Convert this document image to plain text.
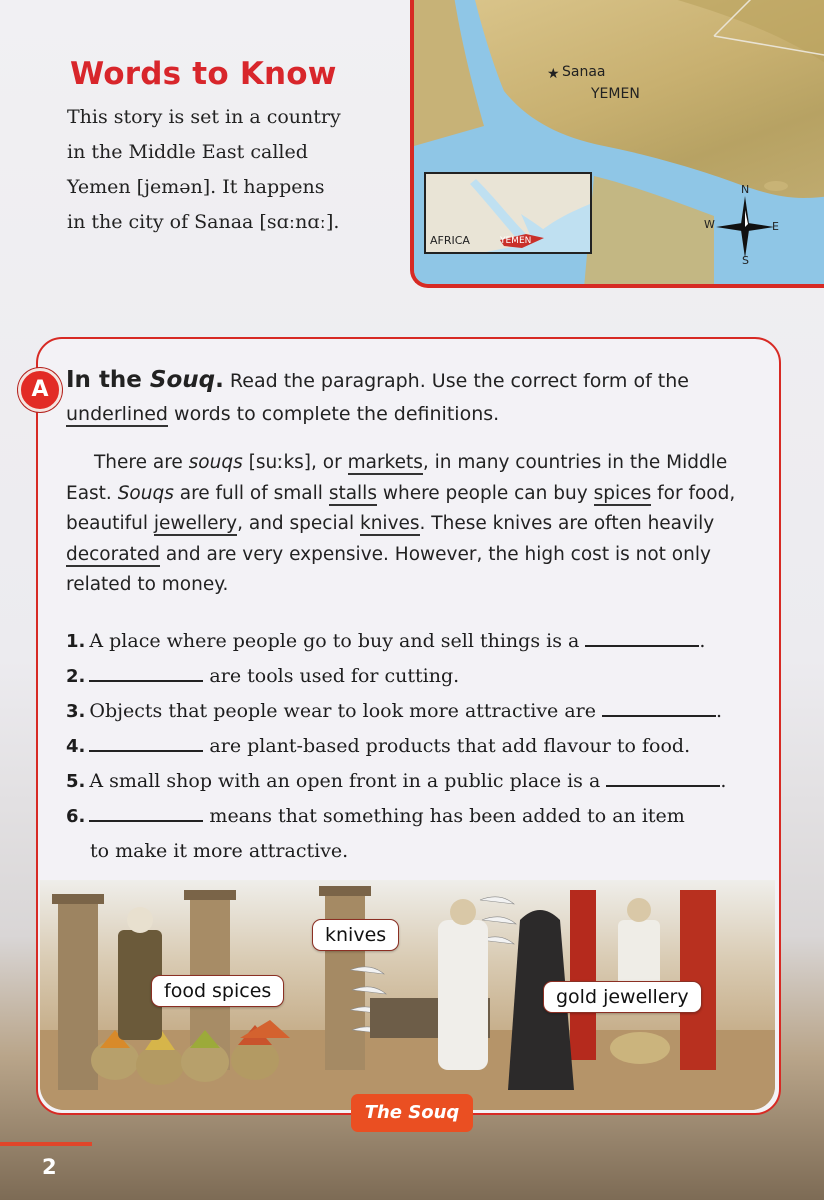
Words to Know

This story is set in a country
in the Middle East called
Yemen [jemən]. It happens
in the city of Sanaa [sɑːnɑː].

★ Sanaa
YEMEN
AFRICA	YEMEN
N
S
W	E
A In the Souq. Read the paragraph. Use the correct form of the underlined words to complete the definitions.

There are souqs [suːks], or markets, in many countries in the Middle East. Souqs are full of small stalls where people can buy spices for food, beautiful jewellery, and special knives. These knives are often heavily decorated and are very expensive. However, the high cost is not only related to money.

1. A place where people go to buy and sell things is a	.
2.	are tools used for cutting.
3. Objects that people wear to look more attractive are	.
4.	are plant-based products that add flavour to food.
5. A small shop with an open front in a public place is a	.
6.	means that something has been added to an item
to make it more attractive.
food spices
knives
gold jewellery
The Souq
2
